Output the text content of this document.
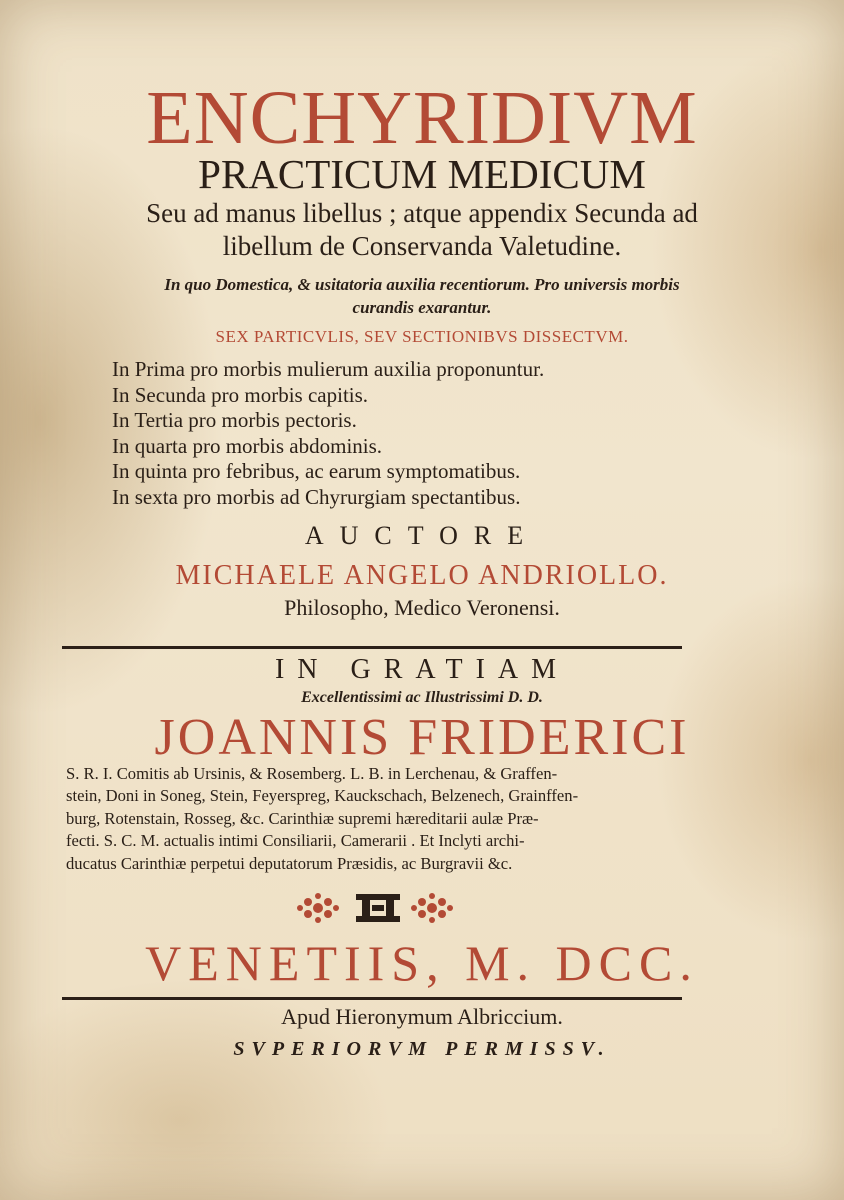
ENCHYRIDIVM
PRACTICUM MEDICUM
Seu ad manus libellus ; atque appendix Secunda ad
libellum de Conservanda Valetudine.
In quo Domestica, & usitatoria auxilia recentiorum. Pro universis morbis
curandis exarantur.
SEX PARTICVLIS, SEV SECTIONIBVS DISSECTVM.
In Prima pro morbis mulierum auxilia proponuntur.
In Secunda pro morbis capitis.
In Tertia pro morbis pectoris.
In quarta pro morbis abdominis.
In quinta pro febribus, ac earum symptomatibus.
In sexta pro morbis ad Chyrurgiam spectantibus.
AUCTORE
MICHAELE ANGELO ANDRIOLLO.
Philosopho, Medico Veronensi.
IN GRATIAM
Excellentissimi ac Illustrissimi D. D.
JOANNIS FRIDERICI
S. R. I. Comitis ab Ursinis, & Rosemberg. L. B. in Lerchenau, & Graffen-
stein, Doni in Soneg, Stein, Feyerspreg, Kauckschach, Belzenech, Grainffen-
burg, Rotenstain, Rosseg, &c. Carinthiæ supremi hæreditarii aulæ Præ-
fecti. S. C. M. actualis intimi Consiliarii, Camerarii . Et Inclyti archi-
ducatus Carinthiæ perpetui deputatorum Præsidis, ac Burgravii &c.
VENETIIS, M. DCC.
Apud Hieronymum Albriccium.
SVPERIORVM PERMISSV.
